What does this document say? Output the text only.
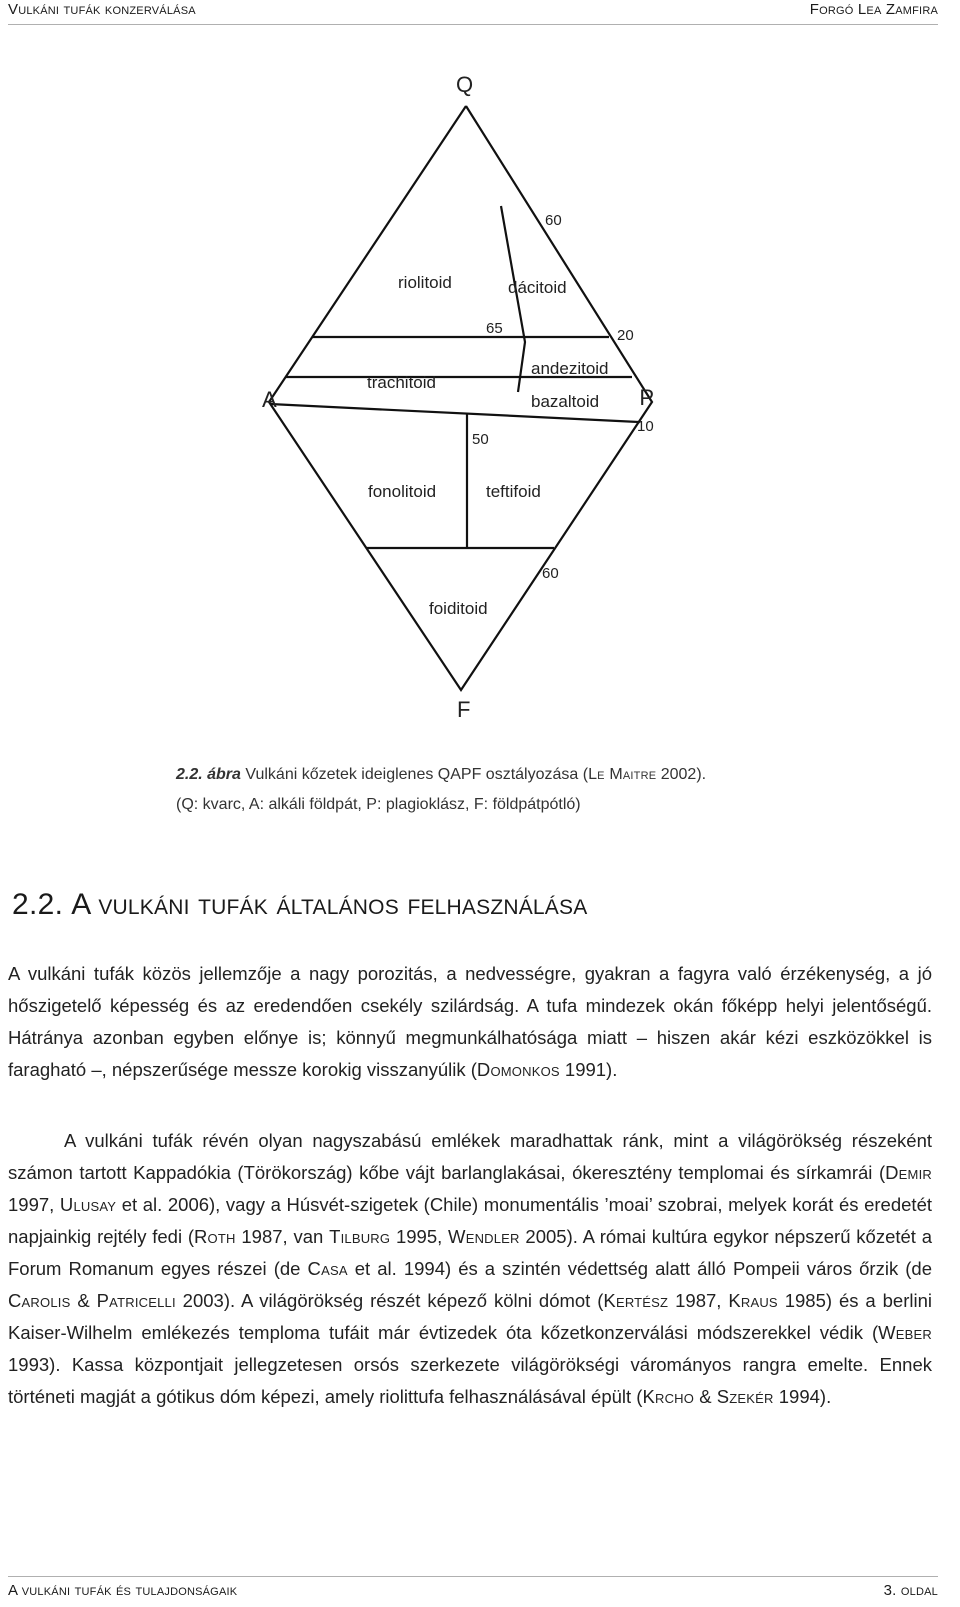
Vulkáni tufák konzerválása	Forgó Lea Zamfira
Q
A	P
F
riolitoid	dácitoid
trachitoid
andezitoid
bazaltoid
fonolitoid	teftifoid
foiditoid
60
65	20
10
50
60
2.2. ábra Vulkáni kőzetek ideiglenes QAPF osztályozása (Le Maitre 2002).
(Q: kvarc, A: alkáli földpát, P: plagioklász, F: földpátpótló)
2.2. A vulkáni tufák általános felhasználása

A vulkáni tufák közös jellemzője a nagy porozitás, a nedvességre, gyakran a fagyra való érzékenység, a jó hőszigetelő képesség és az eredendően csekély szilárdság. A tufa mindezek okán főképp helyi jelentőségű. Hátránya azonban egyben előnye is; könnyű megmunkálhatósága miatt – hiszen akár kézi eszközökkel is faragható –, népszerűsége messze korokig visszanyúlik (Domonkos 1991).

A vulkáni tufák révén olyan nagyszabású emlékek maradhattak ránk, mint a világörökség részeként számon tartott Kappadókia (Törökország) kőbe vájt barlanglakásai, ókeresztény templomai és sírkamrái (Demir 1997, Ulusay et al. 2006), vagy a Húsvét-szigetek (Chile) monumentális ’moai’ szobrai, melyek korát és eredetét napjainkig rejtély fedi (Roth 1987, van Tilburg 1995, Wendler 2005). A római kultúra egykor népszerű kőzetét a Forum Romanum egyes részei (de Casa et al. 1994) és a szintén védettség alatt álló Pompeii város őrzik (de Carolis & Patricelli 2003). A világörökség részét képező kölni dómot (Kertész 1987, Kraus 1985) és a berlini Kaiser-Wilhelm emlékezés temploma tufáit már évtizedek óta kőzetkonzerválási módszerekkel védik (Weber 1993). Kassa központjait jellegzetesen orsós szerkezete világörökségi várományos rangra emelte. Ennek történeti magját a gótikus dóm képezi, amely riolittufa felhasználásával épült (Krcho & Szekér 1994).

A vulkáni tufák és tulajdonságaik	3. oldal
